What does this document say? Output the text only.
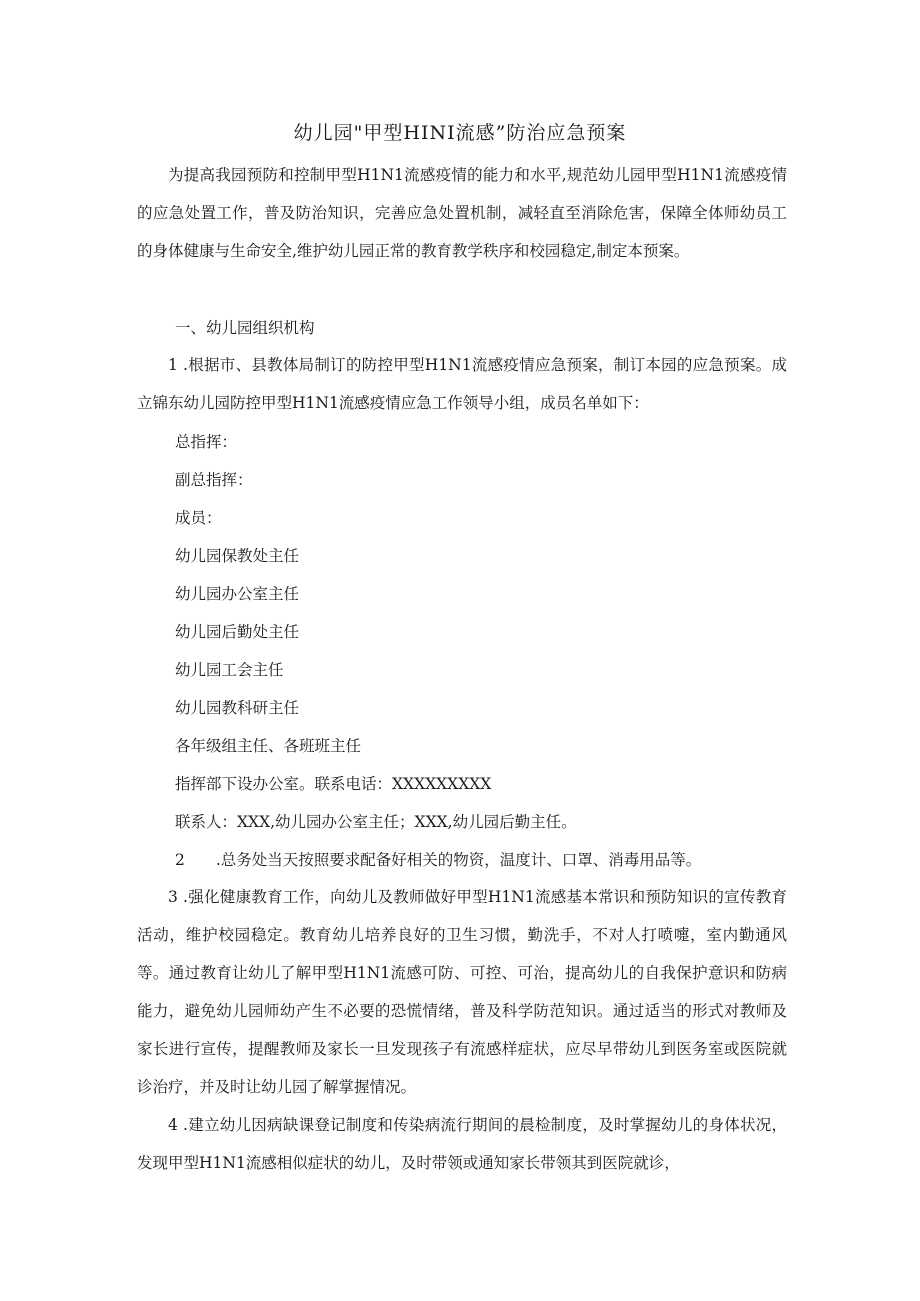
幼儿园"甲型HINI流感”防治应急预案

为提高我园预防和控制甲型H1N1流感疫情的能力和水平,规范幼儿园甲型H1N1流感疫情的应急处置工作，普及防治知识，完善应急处置机制，减轻直至消除危害，保障全体师幼员工的身体健康与生命安全,维护幼儿园正常的教育教学秩序和校园稳定,制定本预案。

一、幼儿园组织机构

1 .根据市、县教体局制订的防控甲型H1N1流感疫情应急预案，制订本园的应急预案。成立锦东幼儿园防控甲型H1N1流感疫情应急工作领导小组，成员名单如下：

总指挥：

副总指挥：

成员：

幼儿园保教处主任

幼儿园办公室主任

幼儿园后勤处主任

幼儿园工会主任

幼儿园教科研主任

各年级组主任、各班班主任

指挥部下设办公室。联系电话：XXXXXXXXX

联系人：XXX,幼儿园办公室主任；XXX,幼儿园后勤主任。

2　　.总务处当天按照要求配备好相关的物资，温度计、口罩、消毒用品等。

3 .强化健康教育工作，向幼儿及教师做好甲型H1N1流感基本常识和预防知识的宣传教育活动，维护校园稳定。教育幼儿培养良好的卫生习惯，勤洗手，不对人打喷嚏，室内勤通风等。通过教育让幼儿了解甲型H1N1流感可防、可控、可治，提高幼儿的自我保护意识和防病能力，避免幼儿园师幼产生不必要的恐慌情绪，普及科学防范知识。通过适当的形式对教师及家长进行宣传，提醒教师及家长一旦发现孩子有流感样症状，应尽早带幼儿到医务室或医院就诊治疗，并及时让幼儿园了解掌握情况。

4 .建立幼儿因病缺课登记制度和传染病流行期间的晨检制度，及时掌握幼儿的身体状况，发现甲型H1N1流感相似症状的幼儿，及时带领或通知家长带领其到医院就诊，
